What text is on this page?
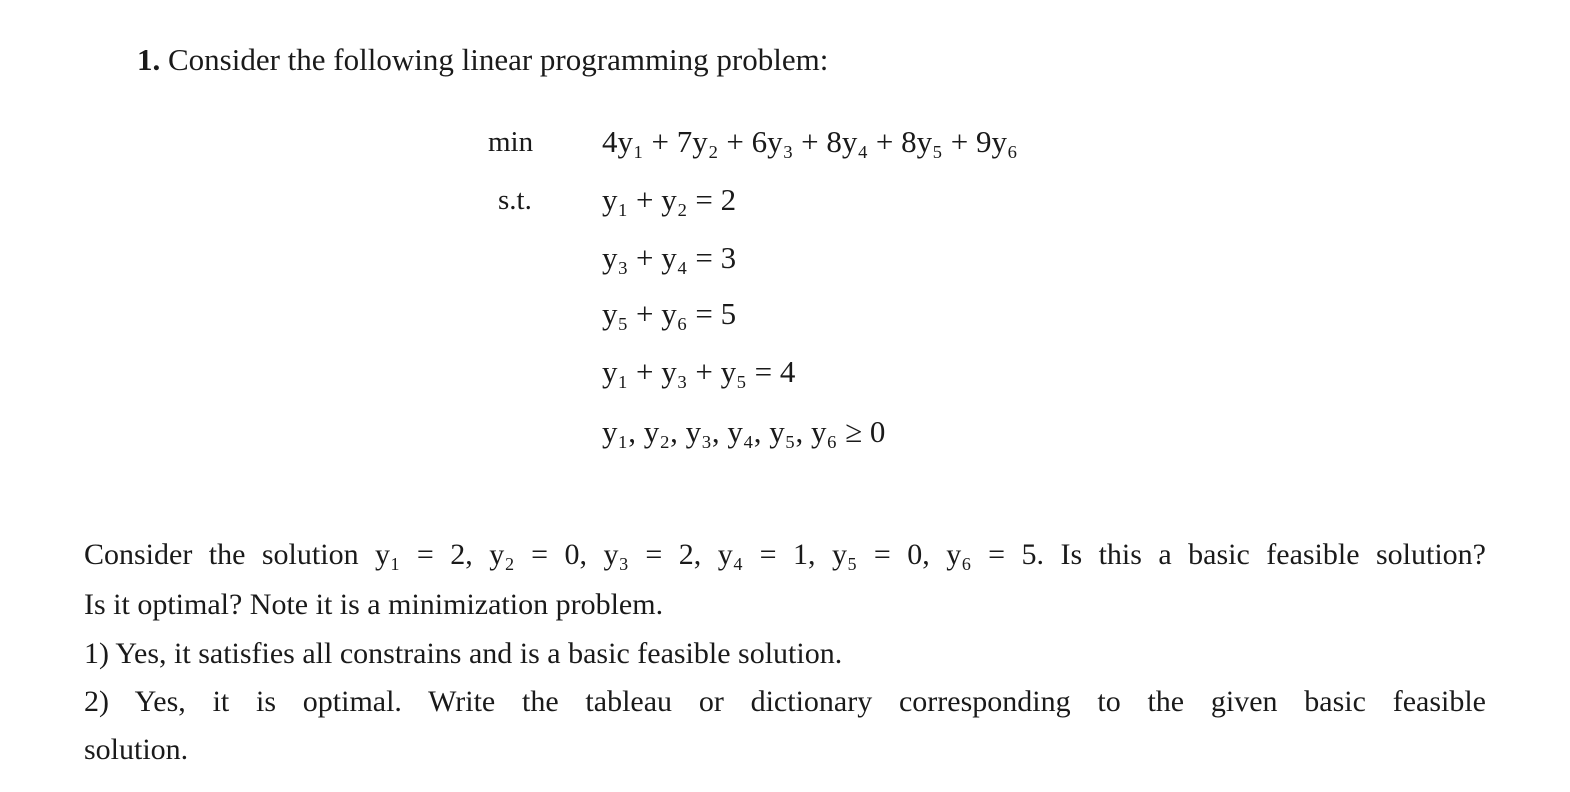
1. Consider the following linear programming problem:
min 4y₁ + 7y₂ + 6y₃ + 8y₄ + 8y₅ + 9y₆
s.t. y₁ + y₂ = 2
y₃ + y₄ = 3
y₅ + y₆ = 5
y₁ + y₃ + y₅ = 4
y₁, y₂, y₃, y₄, y₅, y₆ ≥ 0
Consider the solution y₁ = 2, y₂ = 0, y₃ = 2, y₄ = 1, y₅ = 0, y₆ = 5. Is this a basic feasible solution?
Is it optimal? Note it is a minimization problem.
1) Yes, it satisfies all constrains and is a basic feasible solution.
2) Yes, it is optimal. Write the tableau or dictionary corresponding to the given basic feasible
solution.
